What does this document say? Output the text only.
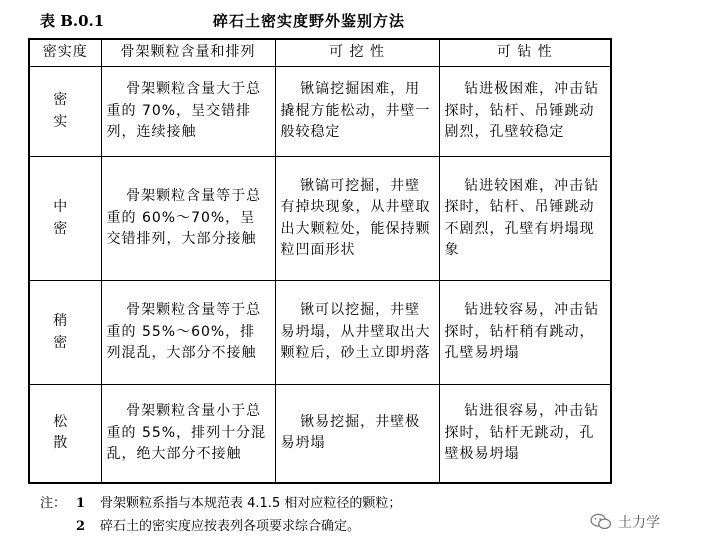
表 B.0.1	碎石土密实度野外鉴别方法
密实度	骨架颗粒含量和排列	可 挖 性	可 钻 性
密 实	骨架颗粒含量大于总重的 70%，呈交错排列，连续接触	锹镐挖掘困难，用撬棍方能松动，井壁一般较稳定	钻进极困难，冲击钻探时，钻杆、吊锤跳动剧烈，孔壁较稳定
中 密	骨架颗粒含量等于总重的 60%～70%，呈交错排列，大部分接触	锹镐可挖掘，井壁有掉块现象，从井壁取出大颗粒处，能保持颗粒凹面形状	钻进较困难，冲击钻探时，钻杆、吊锤跳动不剧烈，孔壁有坍塌现象
稍 密	骨架颗粒含量等于总重的 55%～60%，排列混乱，大部分不接触	锹可以挖掘，井壁易坍塌，从井壁取出大颗粒后，砂土立即坍落	钻进较容易，冲击钻探时，钻杆稍有跳动，孔壁易坍塌
松 散	骨架颗粒含量小于总重的 55%，排列十分混乱，绝大部分不接触	锹易挖掘，井壁极易坍塌	钻进很容易，冲击钻探时，钻杆无跳动，孔壁极易坍塌
注： 1 骨架颗粒系指与本规范表 4.1.5 相对应粒径的颗粒；
2 碎石土的密实度应按表列各项要求综合确定。	土力学
